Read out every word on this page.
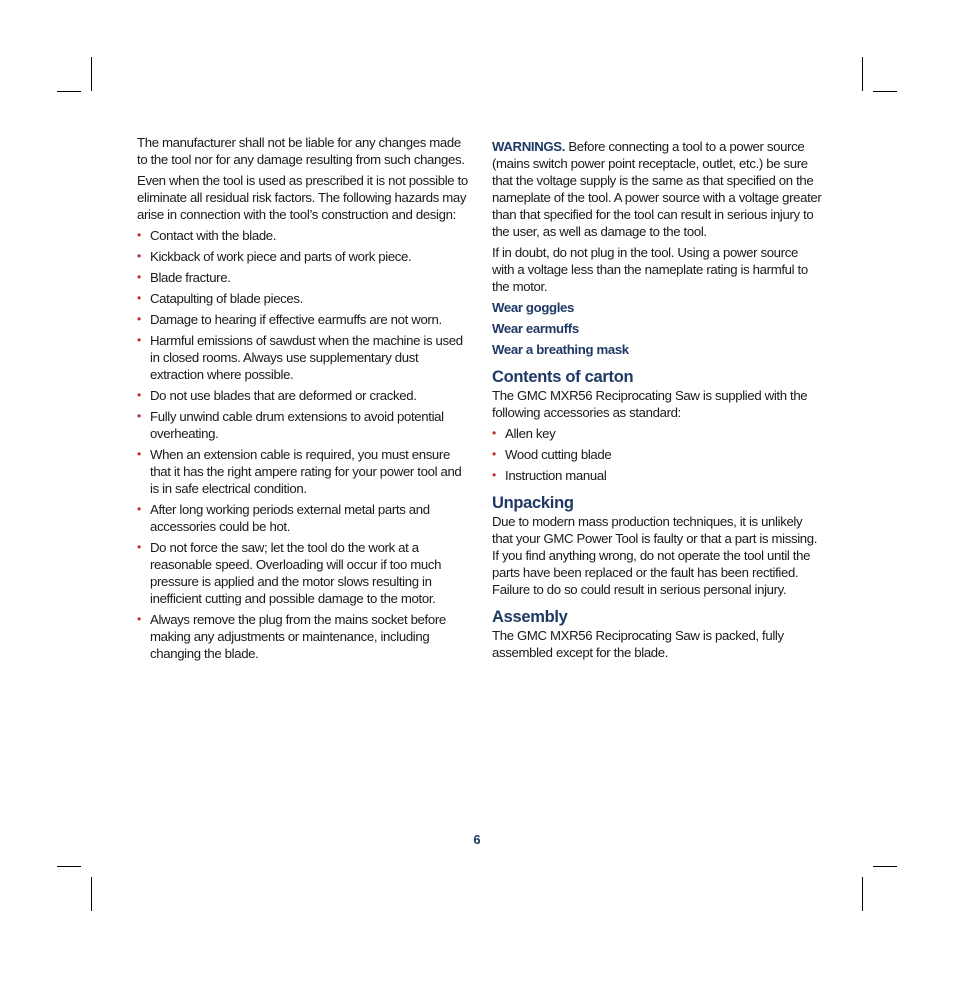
The manufacturer shall not be liable for any changes made to the tool nor for any damage resulting from such changes.

Even when the tool is used as prescribed it is not possible to eliminate all residual risk factors. The following hazards may arise in connection with the tool’s construction and design:

• Contact with the blade.
• Kickback of work piece and parts of work piece.
• Blade fracture.
• Catapulting of blade pieces.
• Damage to hearing if effective earmuffs are not worn.
• Harmful emissions of sawdust when the machine is used in closed rooms. Always use supplementary dust extraction where possible.
• Do not use blades that are deformed or cracked.
• Fully unwind cable drum extensions to avoid potential overheating.
• When an extension cable is required, you must ensure that it has the right ampere rating for your power tool and is in safe electrical condition.
• After long working periods external metal parts and accessories could be hot.
• Do not force the saw; let the tool do the work at a reasonable speed. Overloading will occur if too much pressure is applied and the motor slows resulting in inefficient cutting and possible damage to the motor.
• Always remove the plug from the mains socket before making any adjustments or maintenance, including changing the blade.

WARNINGS. Before connecting a tool to a power source (mains switch power point receptacle, outlet, etc.) be sure that the voltage supply is the same as that specified on the nameplate of the tool. A power source with a voltage greater than that specified for the tool can result in serious injury to the user, as well as damage to the tool.

If in doubt, do not plug in the tool. Using a power source with a voltage less than the nameplate rating is harmful to the motor.

Wear goggles

Wear earmuffs

Wear a breathing mask

Contents of carton

The GMC MXR56 Reciprocating Saw is supplied with the following accessories as standard:

• Allen key
• Wood cutting blade
• Instruction manual
Unpacking

Due to modern mass production techniques, it is unlikely that your GMC Power Tool is faulty or that a part is missing. If you find anything wrong, do not operate the tool until the parts have been replaced or the fault has been rectified. Failure to do so could result in serious personal injury.

Assembly

The GMC MXR56 Reciprocating Saw is packed, fully assembled except for the blade.

6
